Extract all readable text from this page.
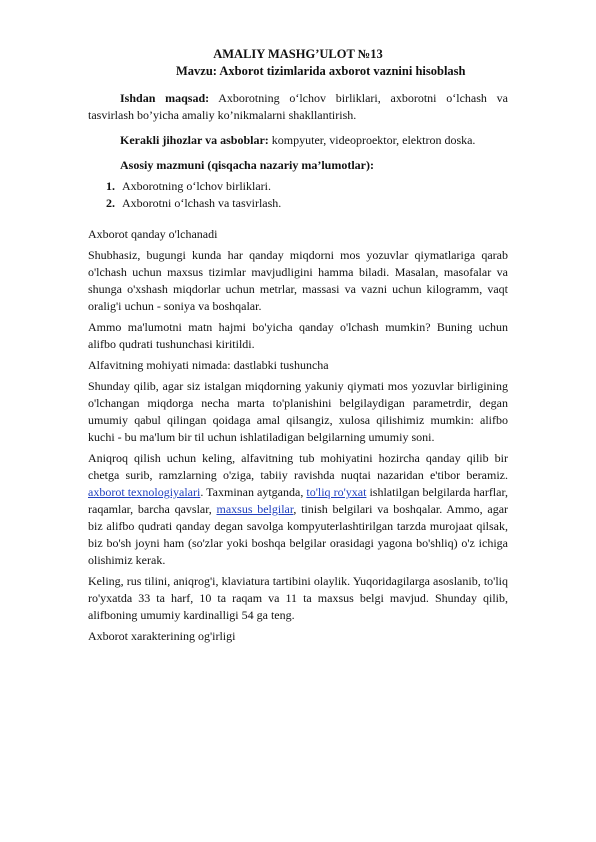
AMALIY MASHG’ULOT №13

Mavzu: Axborot tizimlarida axborot vaznini hisoblash

Ishdan maqsad: Axborotning o‘lchov birliklari, axborotni o‘lchash va tasvirlash bo’yicha amaliy ko’nikmalarni shakllantirish.

Kerakli jihozlar va asboblar: kompyuter, videoproektor, elektron doska.

Asosiy mazmuni (qisqacha nazariy ma’lumotlar):

1. Axborotning o‘lchov birliklari.
2. Axborotni o‘lchash va tasvirlash.

Axborot qanday o'lchanadi

Shubhasiz, bugungi kunda har qanday miqdorni mos yozuvlar qiymatlariga qarab o'lchash uchun maxsus tizimlar mavjudligini hamma biladi. Masalan, masofalar va shunga o'xshash miqdorlar uchun metrlar, massasi va vazni uchun kilogramm, vaqt oralig'i uchun - soniya va boshqalar.

Ammo ma'lumotni matn hajmi bo'yicha qanday o'lchash mumkin? Buning uchun alifbo qudrati tushunchasi kiritildi.

Alfavitning mohiyati nimada: dastlabki tushuncha

Shunday qilib, agar siz istalgan miqdorning yakuniy qiymati mos yozuvlar birligining o'lchangan miqdorga necha marta to'planishini belgilaydigan parametrdir, degan umumiy qabul qilingan qoidaga amal qilsangiz, xulosa qilishimiz mumkin: alifbo kuchi - bu ma'lum bir til uchun ishlatiladigan belgilarning umumiy soni.

Aniqroq qilish uchun keling, alfavitning tub mohiyatini hozircha qanday qilib bir chetga surib, ramzlarning o'ziga, tabiiy ravishda nuqtai nazaridan e'tibor beramiz. axborot texnologiyalari. Taxminan aytganda, to'liq ro'yxat ishlatilgan belgilarda harflar, raqamlar, barcha qavslar, maxsus belgilar, tinish belgilari va boshqalar. Ammo, agar biz alifbo qudrati qanday degan savolga kompyuterlashtirilgan tarzda murojaat qilsak, biz bo'sh joyni ham (so'zlar yoki boshqa belgilar orasidagi yagona bo'shliq) o'z ichiga olishimiz kerak.

Keling, rus tilini, aniqrog'i, klaviatura tartibini olaylik. Yuqoridagilarga asoslanib, to'liq ro'yxatda 33 ta harf, 10 ta raqam va 11 ta maxsus belgi mavjud. Shunday qilib, alifboning umumiy kardinalligi 54 ga teng.

Axborot xarakterining og'irligi
